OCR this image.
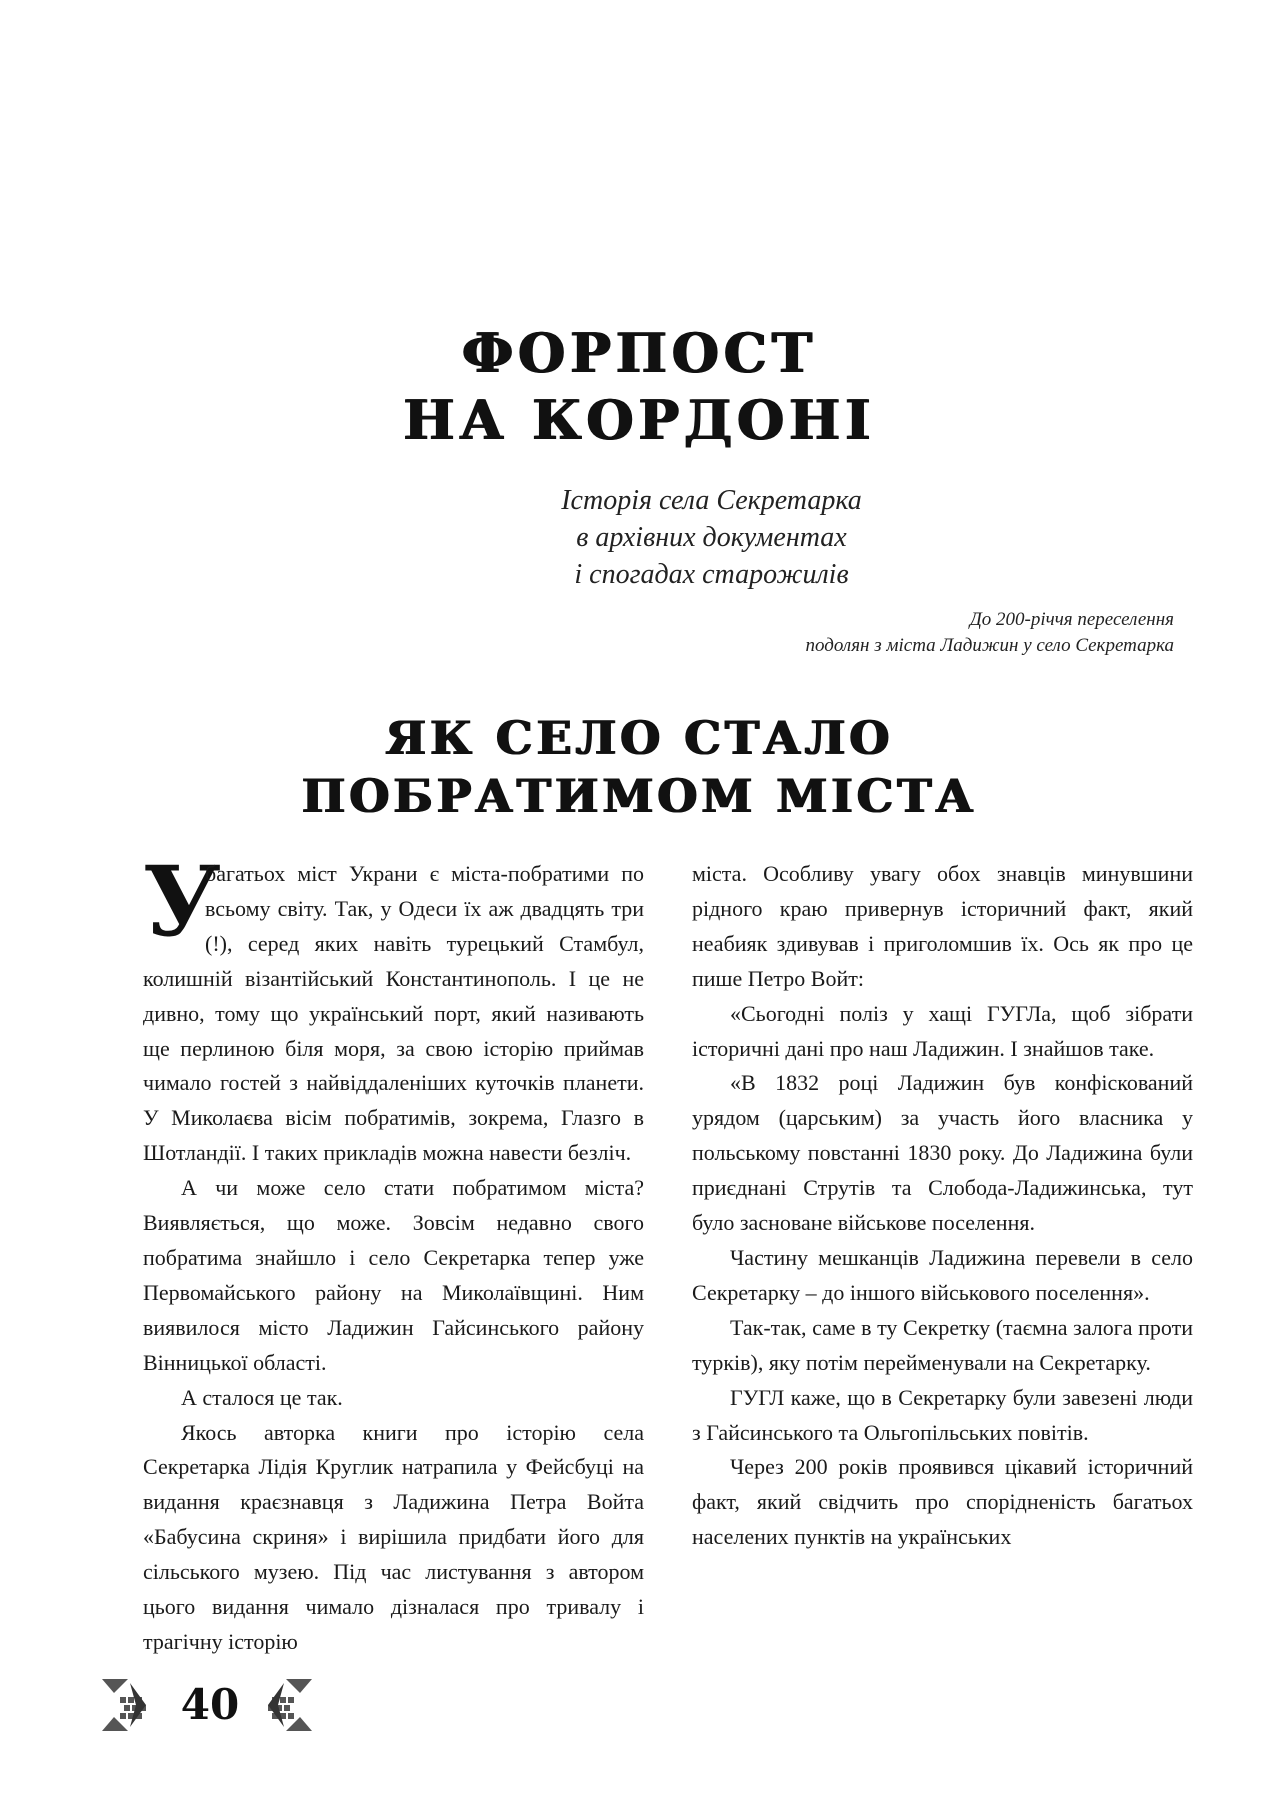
ФОРПОСТ
НА КОРДОНІ

Історія села Секретарка

в архівних документах

і спогадах старожилів

До 200-річчя переселення

подолян з міста Ладижин у село Секретарка

ЯК СЕЛО СТАЛО
ПОБРАТИМОМ МІСТА
У

багатьох міст Украни є міста-побратими по всьому світу. Так, у Одеси їх аж двадцять три (!), серед яких навіть турецький Стамбул, колишній візантійський Константинополь. І це не дивно, тому що український порт, який називають ще перлиною біля моря, за свою історію приймав чимало гостей з найвіддаленіших куточків планети. У Миколаєва вісім побратимів, зокрема, Глазго в Шотландії. І таких прикладів можна навести безліч.

А чи може село стати побратимом міста? Виявляється, що може. Зовсім недавно свого побратима знайшло і село Секретарка тепер уже Первомайського району на Миколаївщині. Ним виявилося місто Ладижин Гайсинського району Вінницької області.

А сталося це так.

Якось авторка книги про історію села Секретарка Лідія Круглик натрапила у Фейсбуці на видання краєзнавця з Ладижина Петра Войта «Бабусина скриня» і вирішила придбати його для сільського музею. Під час листування з автором цього видання чимало дізналася про тривалу і трагічну історію

міста. Особливу увагу обох знавців минувшини рідного краю привернув історичний факт, який неабияк здивував і приголомшив їх. Ось як про це пише Петро Войт:

«Сьогодні поліз у хащі ГУГЛа, щоб зібрати історичні дані про наш Ладижин. І знайшов таке.

«В 1832 році Ладижин був конфіскований урядом (царським) за участь його власника у польському повстанні 1830 року. До Ладижина були приєднані Струтів та Слобода-Ладижинська, тут було засноване військове поселення.

Частину мешканців Ладижина перевели в село Секретарку – до іншого військового поселення».

Так-так, саме в ту Секретку (таємна залога проти турків), яку потім перейменували на Секретарку.

ГУГЛ каже, що в Секретарку були завезені люди з Гайсинського та Ольгопільських повітів.

Через 200 років проявився цікавий історичний факт, який свідчить про спорідненість багатьох населених пунктів на українських

40
